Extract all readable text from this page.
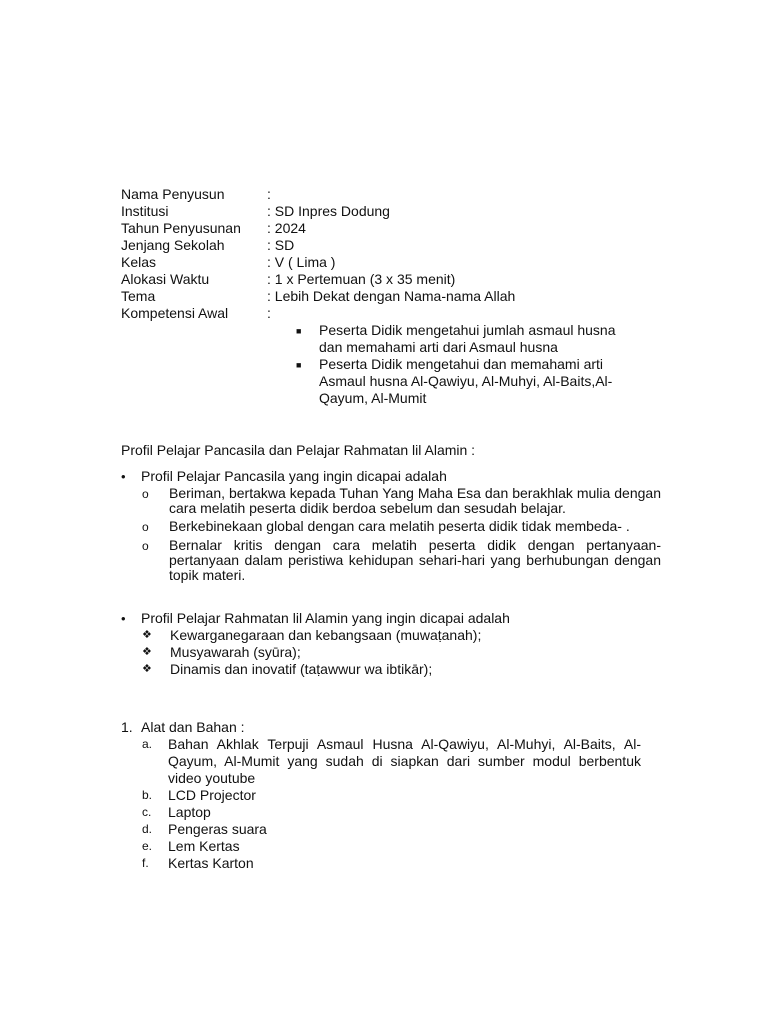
Nama Penyusun	:
Institusi	: SD Inpres Dodung
Tahun Penyusunan	: 2024
Jenjang Sekolah	: SD
Kelas	: V ( Lima )
Alokasi Waktu	: 1 x Pertemuan (3 x 35 menit)
Tema	: Lebih Dekat dengan Nama-nama Allah
Kompetensi Awal	:
■	Peserta Didik mengetahui jumlah asmaul husna dan memahami arti dari Asmaul husna
■	Peserta Didik mengetahui dan memahami arti Asmaul husna Al-Qawiyu, Al-Muhyi, Al-Baits,Al-Qayum, Al-Mumit
Profil Pelajar Pancasila dan Pelajar Rahmatan lil Alamin :
•	Profil Pelajar Pancasila yang ingin dicapai adalah
o	Beriman, bertakwa kepada Tuhan Yang Maha Esa dan berakhlak mulia dengan cara melatih peserta didik berdoa sebelum dan sesudah belajar.
o	Berkebinekaan global dengan cara melatih peserta didik tidak membeda- .
o	Bernalar kritis dengan cara melatih peserta didik dengan pertanyaan-pertanyaan dalam peristiwa kehidupan sehari-hari yang berhubungan dengan topik materi.
•	Profil Pelajar Rahmatan lil Alamin yang ingin dicapai adalah
❖	Kewarganegaraan dan kebangsaan (muwaṭanah);
❖	Musyawarah (syūra);
❖	Dinamis dan inovatif (taṭawwur wa ibtikār);
1. Alat dan Bahan :
a.	Bahan Akhlak Terpuji Asmaul Husna Al-Qawiyu, Al-Muhyi, Al-Baits, Al-Qayum, Al-Mumit yang sudah di siapkan dari sumber modul berbentuk video youtube
b.	LCD Projector
c.	Laptop
d.	Pengeras suara
e.	Lem Kertas
f.	Kertas Karton
